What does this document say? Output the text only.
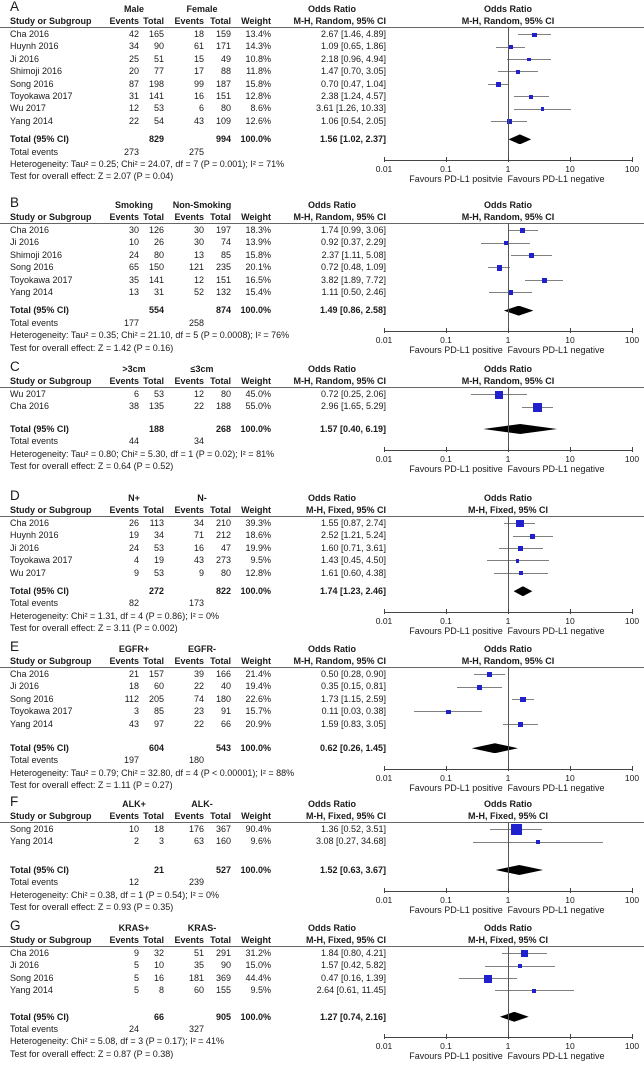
A	Male	Female	Odds Ratio	Odds Ratio
Study or Subgroup Events Total Events Total Weight M-H, Random, 95% CI	M-H, Random, 95% CI
Cha 2016	42 165	18 159 13.4%	2.67 [1.46, 4.89]
Huynh 2016	34 90	61 171 14.3%	1.09 [0.65, 1.86]
Ji 2016	25 51	15 49 10.8%	2.18 [0.96, 4.94]
Shimoji 2016	20 77	17 88 11.8%	1.47 [0.70, 3.05]
Song 2016	87 198	99 187 15.8%	0.70 [0.47, 1.04]
Toyokawa 2017	31 141	16 151 12.8%	2.38 [1.24, 4.57]
Wu 2017	12 53	6 80 8.6%	3.61 [1.26, 10.33]
Yang 2014	22 54	43 109 12.6%	1.06 [0.54, 2.05]
Total (95% CI)	829	994 100.0%	1.56 [1.02, 2.37]
Total events	273	275
Heterogeneity: Tau² = 0.25; Chi² = 24.07, df = 7 (P = 0.001); I² = 71%
Test for overall effect: Z = 2.07 (P = 0.04)
0.01	0.1	1	10	100
Favours PD-L1 positvie Favours PD-L1 negative
B	Smoking Non-Smoking	Odds Ratio	Odds Ratio
Study or Subgroup Events Total Events Total Weight M-H, Random, 95% CI	M-H, Random, 95% CI
Cha 2016	30 126	30 197 18.3%	1.74 [0.99, 3.06]
Ji 2016	10 26	30 74 13.9%	0.92 [0.37, 2.29]
Shimoji 2016	24 80	13 85 15.8%	2.37 [1.11, 5.08]
Song 2016	65 150	121 235 20.1%	0.72 [0.48, 1.09]
Toyokawa 2017	35 141	12 151 16.5%	3.82 [1.89, 7.72]
Yang 2014	13 31	52 132 15.4%	1.11 [0.50, 2.46]
Total (95% CI)	554	874 100.0%	1.49 [0.86, 2.58]
Total events	177	258
Heterogeneity: Tau² = 0.35; Chi² = 21.10, df = 5 (P = 0.0008); I² = 76%
Test for overall effect: Z = 1.42 (P = 0.16)
0.01	0.1	1	10	100
Favours PD-L1 positive Favours PD-L1 negative
C	>3cm	≤3cm	Odds Ratio	Odds Ratio
Study or Subgroup Events Total Events Total Weight M-H, Random, 95% CI	M-H, Random, 95% CI
Wu 2017	6 53	12 80 45.0%	0.72 [0.25, 2.06]
Cha 2016	38 135	22 188 55.0%	2.96 [1.65, 5.29]
Total (95% CI)	188	268 100.0%	1.57 [0.40, 6.19]
Total events	44	34
Heterogeneity: Tau² = 0.80; Chi² = 5.30, df = 1 (P = 0.02); I² = 81%
Test for overall effect: Z = 0.64 (P = 0.52)
0.01	0.1	1	10	100
Favours PD-L1 positive Favours PD-L1 negative
D	N+	N-	Odds Ratio	Odds Ratio
Study or Subgroup Events Total Events Total Weight	M-H, Fixed, 95% CI	M-H, Fixed, 95% CI
Cha 2016	26 113	34 210 39.3%	1.55 [0.87, 2.74]
Huynh 2016	19 34	71 212 18.6%	2.52 [1.21, 5.24]
Ji 2016	24 53	16 47 19.9%	1.60 [0.71, 3.61]
Toyokawa 2017	4 19	43 273 9.5%	1.43 [0.45, 4.50]
Wu 2017	9 53	9 80 12.8%	1.61 [0.60, 4.38]
Total (95% CI)	272	822 100.0%	1.74 [1.23, 2.46]
Total events	82	173
Heterogeneity: Chi² = 1.31, df = 4 (P = 0.86); I² = 0%
Test for overall effect: Z = 3.11 (P = 0.002)
0.01	0.1	1	10	100
Favours PD-L1 positive Favours PD-L1 negative
E	EGFR+	EGFR-	Odds Ratio	Odds Ratio
Study or Subgroup Events Total Events Total Weight M-H, Random, 95% CI	M-H, Random, 95% CI
Cha 2016	21 157	39 166 21.4%	0.50 [0.28, 0.90]
Ji 2016	18 60	22 40 19.4%	0.35 [0.15, 0.81]
Song 2016	112 205	74 180 22.6%	1.73 [1.15, 2.59]
Toyokawa 2017	3 85	23 91 15.7%	0.11 [0.03, 0.38]
Yang 2014	43 97	22 66 20.9%	1.59 [0.83, 3.05]
Total (95% CI)	604	543 100.0%	0.62 [0.26, 1.45]
Total events	197	180
Heterogeneity: Tau² = 0.79; Chi² = 32.80, df = 4 (P < 0.00001); I² = 88%
Test for overall effect: Z = 1.11 (P = 0.27)
0.01	0.1	1	10	100
Favours PD-L1 positive Favours PD-L1 negative
F	ALK+	ALK-	Odds Ratio	Odds Ratio
Study or Subgroup Events Total Events Total Weight	M-H, Fixed, 95% CI	M-H, Fixed, 95% CI
Song 2016	10 18	176 367 90.4%	1.36 [0.52, 3.51]
Yang 2014	2 3	63 160 9.6%	3.08 [0.27, 34.68]
Total (95% CI)	21	527 100.0%	1.52 [0.63, 3.67]
Total events	12	239
Heterogeneity: Chi² = 0.38, df = 1 (P = 0.54); I² = 0%
Test for overall effect: Z = 0.93 (P = 0.35)
0.01	0.1	1	10	100
Favours PD-L1 positive Favours PD-L1 negative
G	KRAS+	KRAS-	Odds Ratio	Odds Ratio
Study or Subgroup Events Total Events Total Weight	M-H, Fixed, 95% CI	M-H, Fixed, 95% CI
Cha 2016	9 32	51 291 31.2%	1.84 [0.80, 4.21]
Ji 2016	5 10	35 90 15.0%	1.57 [0.42, 5.82]
Song 2016	5 16	181 369 44.4%	0.47 [0.16, 1.39]
Yang 2014	5 8	60 155 9.5%	2.64 [0.61, 11.45]
Total (95% CI)	66	905 100.0%	1.27 [0.74, 2.16]
Total events	24	327
Heterogeneity: Chi² = 5.08, df = 3 (P = 0.17); I² = 41%
Test for overall effect: Z = 0.87 (P = 0.38)
0.01	0.1	1	10	100
Favours PD-L1 positive Favours PD-L1 negative
